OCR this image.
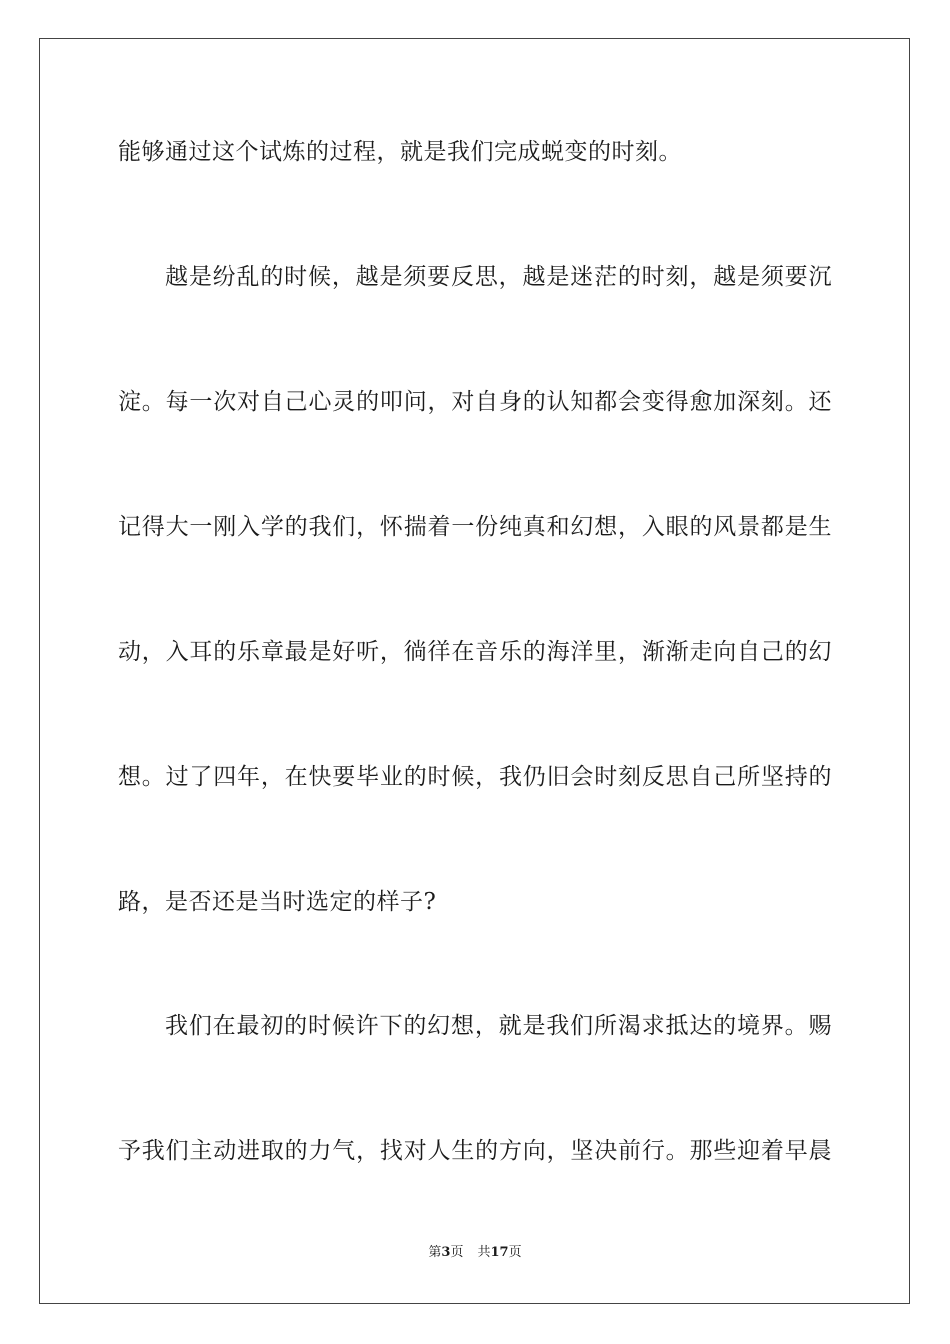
能够通过这个试炼的过程，就是我们完成蜕变的时刻。
越是纷乱的时候，越是须要反思，越是迷茫的时刻，越是须要沉
淀。每一次对自己心灵的叩问，对自身的认知都会变得愈加深刻。还
记得大一刚入学的我们，怀揣着一份纯真和幻想，入眼的风景都是生
动，入耳的乐章最是好听，徜徉在音乐的海洋里，渐渐走向自己的幻
想。过了四年，在快要毕业的时候，我仍旧会时刻反思自己所坚持的
路，是否还是当时选定的样子?
我们在最初的时候许下的幻想，就是我们所渴求抵达的境界。赐
予我们主动进取的力气，找对人生的方向，坚决前行。那些迎着早晨
第3页 共17页
